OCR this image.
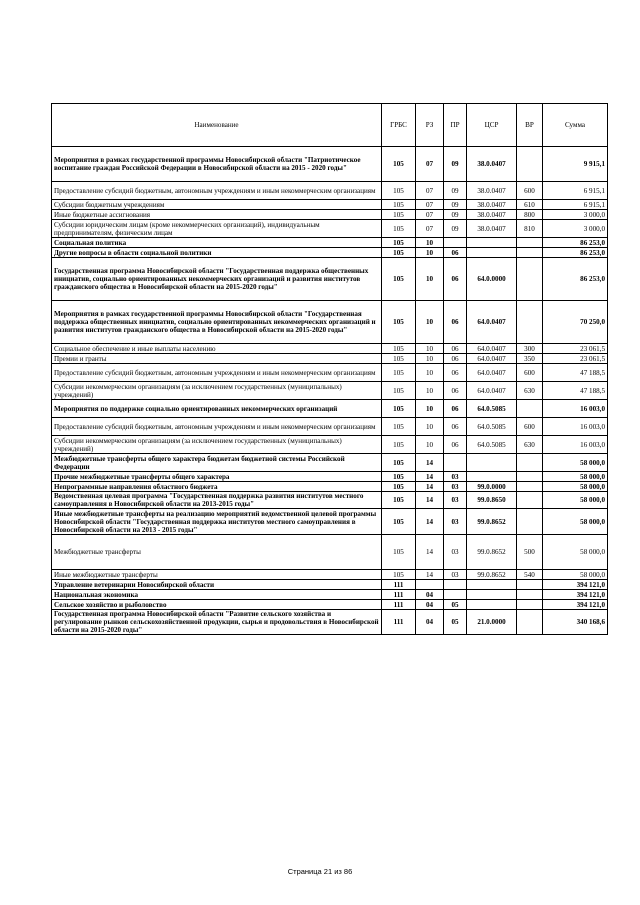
Наименование	ГРБС	РЗ	ПР	ЦСР	ВР	Сумма
Мероприятия в рамках государственной программы Новосибирской области "Патриотическое воспитание граждан Российской Федерации в Новосибирской области на 2015 - 2020 годы"	105	07	09	38.0.0407		9 915,1
Предоставление субсидий бюджетным, автономным учреждениям и иным некоммерческим организациям	105	07	09	38.0.0407	600	6 915,1
Субсидии бюджетным учреждениям	105	07	09	38.0.0407	610	6 915,1
Иные бюджетные ассигнования	105	07	09	38.0.0407	800	3 000,0
Субсидии юридическим лицам (кроме некоммерческих организаций), индивидуальным предпринимателям, физическим лицам	105	07	09	38.0.0407	810	3 000,0
Социальная политика	105	10				86 253,0
Другие вопросы в области социальной политики	105	10	06			86 253,0
Государственная программа Новосибирской области "Государственная поддержка общественных инициатив, социально ориентированных некоммерческих организаций и развития институтов гражданского общества в Новосибирской области на 2015-2020 годы"	105	10	06	64.0.0000		86 253,0
Мероприятия в рамках государственной программы Новосибирской области "Государственная поддержка общественных инициатив, социально ориентированных некоммерческих организаций и развития институтов гражданского общества в Новосибирской области на 2015-2020 годы"	105	10	06	64.0.0407		70 250,0
Социальное обеспечение и иные выплаты населению	105	10	06	64.0.0407	300	23 061,5
Премии и гранты	105	10	06	64.0.0407	350	23 061,5
Предоставление субсидий бюджетным, автономным учреждениям и иным некоммерческим организациям	105	10	06	64.0.0407	600	47 188,5
Субсидии некоммерческим организациям (за исключением государственных (муниципальных) учреждений)	105	10	06	64.0.0407	630	47 188,5
Мероприятия по поддержке социально ориентированных некоммерческих организаций	105	10	06	64.0.5085		16 003,0
Предоставление субсидий бюджетным, автономным учреждениям и иным некоммерческим организациям	105	10	06	64.0.5085	600	16 003,0
Субсидии некоммерческим организациям (за исключением государственных (муниципальных) учреждений)	105	10	06	64.0.5085	630	16 003,0
Межбюджетные трансферты общего характера бюджетам бюджетной системы Российской Федерации	105	14				58 000,0
Прочие межбюджетные трансферты общего характера	105	14	03			58 000,0
Непрограммные направления областного бюджета	105	14	03	99.0.0000		58 000,0
Ведомственная целевая программа "Государственная поддержка развития институтов местного самоуправления в Новосибирской области на 2013-2015 годы"	105	14	03	99.0.8650		58 000,0
Иные межбюджетные трансферты на реализацию мероприятий ведомственной целевой программы Новосибирской области "Государственная поддержка институтов местного самоуправления в Новосибирской области на 2013 - 2015 годы"	105	14	03	99.0.8652		58 000,0
Межбюджетные трансферты	105	14	03	99.0.8652	500	58 000,0
Иные межбюджетные трансферты	105	14	03	99.0.8652	540	58 000,0
Управление ветеринарии Новосибирской области	111					394 121,0
Национальная экономика	111	04				394 121,0
Сельское хозяйство и рыболовство	111	04	05			394 121,0
Государственная программа Новосибирской области "Развитие сельского хозяйства и регулирование рынков сельскохозяйственной продукции, сырья и продовольствия в Новосибирской области на 2015-2020 годы"	111	04	05	21.0.0000		340 168,6
Страница 21 из 86
